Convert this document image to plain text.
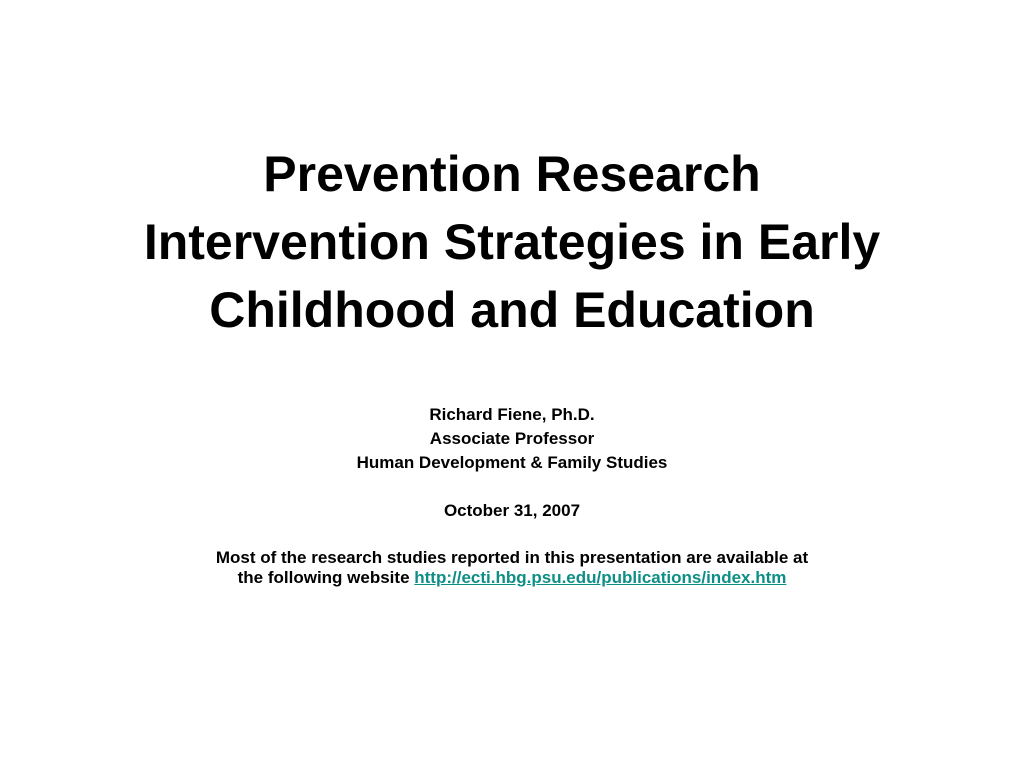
Prevention Research
Intervention Strategies in Early
Childhood and Education
Richard Fiene, Ph.D.
Associate Professor
Human Development & Family Studies
October 31, 2007
Most of the research studies reported in this presentation are available at
the following website http://ecti.hbg.psu.edu/publications/index.htm
